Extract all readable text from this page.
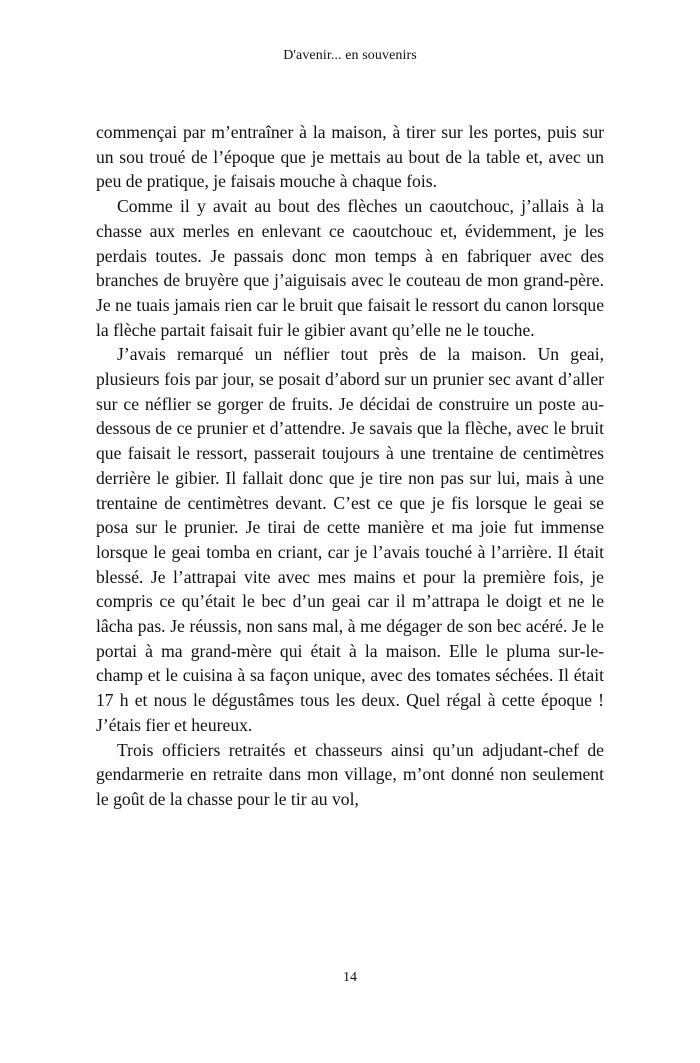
D'avenir... en souvenirs

commençai par m’entraîner à la maison, à tirer sur les portes, puis sur un sou troué de l’époque que je mettais au bout de la table et, avec un peu de pratique, je faisais mouche à chaque fois.

Comme il y avait au bout des flèches un caoutchouc, j’allais à la chasse aux merles en enlevant ce caoutchouc et, évidemment, je les perdais toutes. Je passais donc mon temps à en fabriquer avec des branches de bruyère que j’aiguisais avec le couteau de mon grand-père. Je ne tuais jamais rien car le bruit que faisait le ressort du canon lorsque la flèche partait faisait fuir le gibier avant qu’elle ne le touche.

J’avais remarqué un néflier tout près de la maison. Un geai, plusieurs fois par jour, se posait d’abord sur un prunier sec avant d’aller sur ce néflier se gorger de fruits. Je décidai de construire un poste au-dessous de ce prunier et d’attendre. Je savais que la flèche, avec le bruit que faisait le ressort, passerait toujours à une trentaine de centimètres derrière le gibier. Il fallait donc que je tire non pas sur lui, mais à une trentaine de centimètres devant. C’est ce que je fis lorsque le geai se posa sur le prunier. Je tirai de cette manière et ma joie fut immense lorsque le geai tomba en criant, car je l’avais touché à l’arrière. Il était blessé. Je l’attrapai vite avec mes mains et pour la première fois, je compris ce qu’était le bec d’un geai car il m’attrapa le doigt et ne le lâcha pas. Je réussis, non sans mal, à me dégager de son bec acéré. Je le portai à ma grand-mère qui était à la maison. Elle le pluma sur-le-champ et le cuisina à sa façon unique, avec des tomates séchées. Il était 17 h et nous le dégustâmes tous les deux. Quel régal à cette époque ! J’étais fier et heureux.

Trois officiers retraités et chasseurs ainsi qu’un adjudant-chef de gendarmerie en retraite dans mon village, m’ont donné non seulement le goût de la chasse pour le tir au vol,

14
